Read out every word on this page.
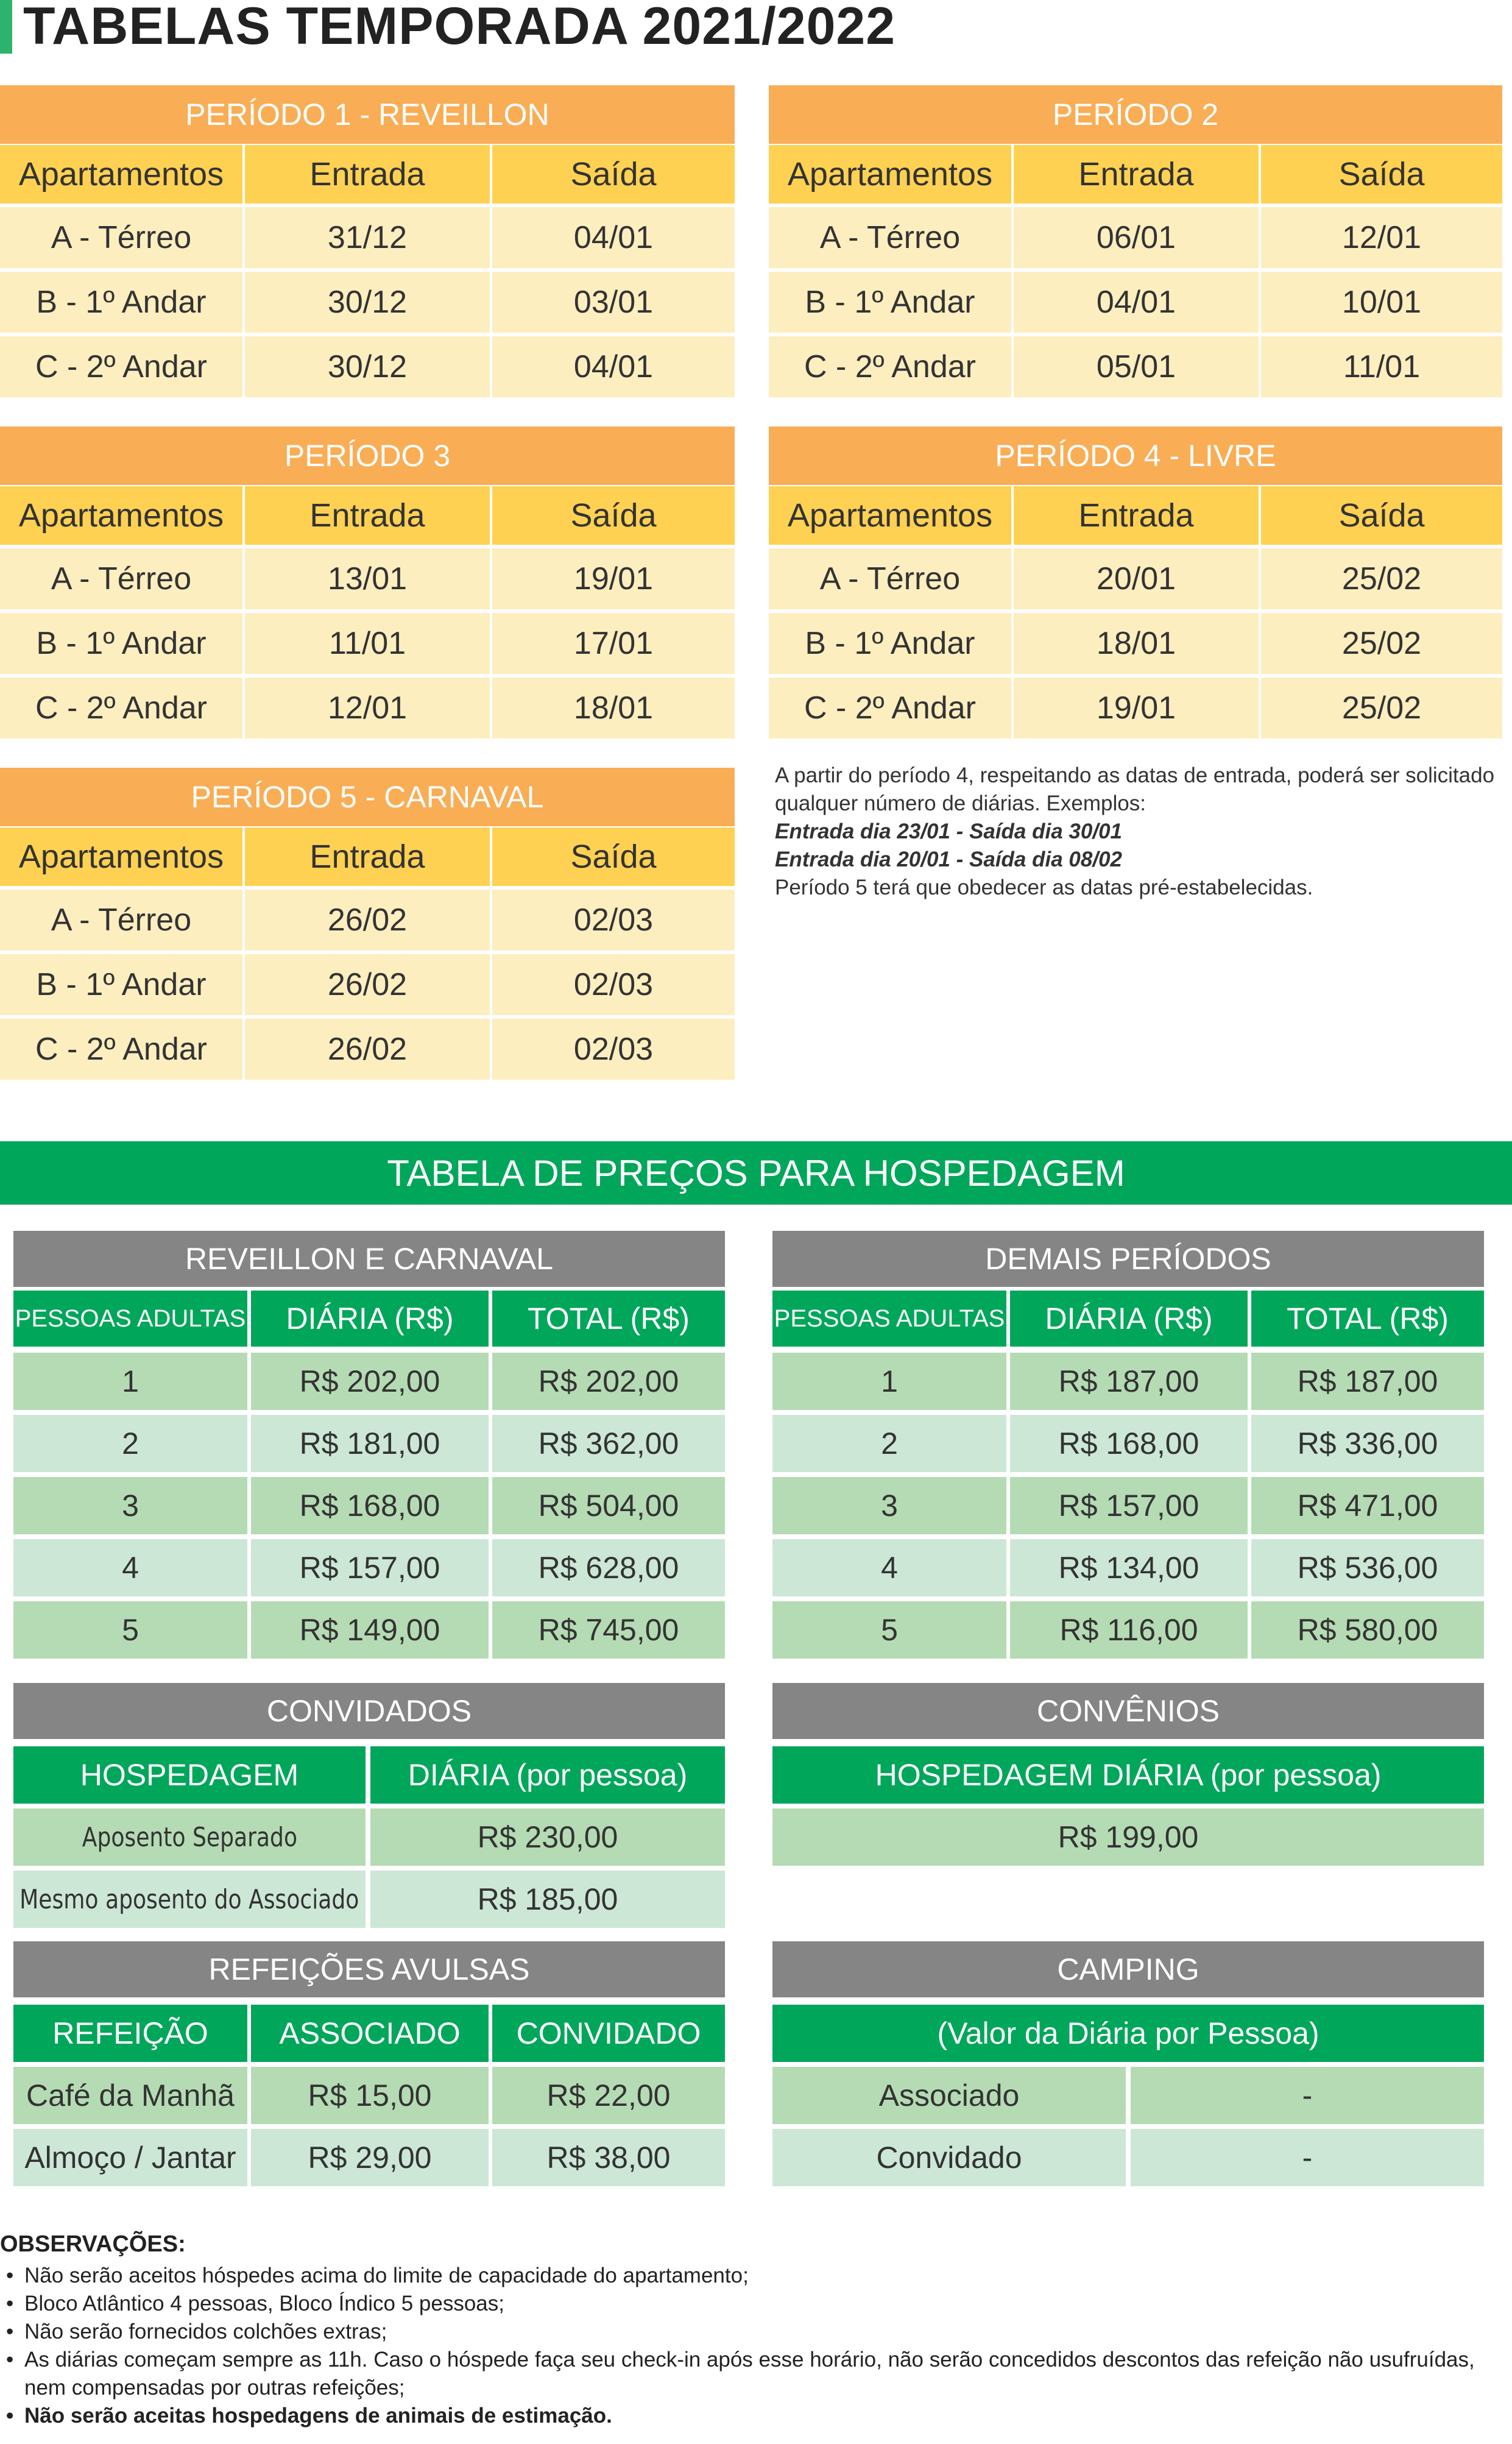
TABELAS TEMPORADA 2021/2022
PERÍODO 1 - REVEILLON
Apartamentos	Entrada	Saída
A - Térreo	31/12	04/01
B - 1º Andar	30/12	03/01
C - 2º Andar	30/12	04/01
PERÍODO 2
Apartamentos	Entrada	Saída
A - Térreo	06/01	12/01
B - 1º Andar	04/01	10/01
C - 2º Andar	05/01	11/01
PERÍODO 3
Apartamentos	Entrada	Saída
A - Térreo	13/01	19/01
B - 1º Andar	11/01	17/01
C - 2º Andar	12/01	18/01
PERÍODO 4 - LIVRE
Apartamentos	Entrada	Saída
A - Térreo	20/01	25/02
B - 1º Andar	18/01	25/02
C - 2º Andar	19/01	25/02
PERÍODO 5 - CARNAVAL
Apartamentos	Entrada	Saída
A - Térreo	26/02	02/03
B - 1º Andar	26/02	02/03
C - 2º Andar	26/02	02/03
A partir do período 4, respeitando as datas de entrada, poderá ser solicitado
qualquer número de diárias. Exemplos:
Entrada dia 23/01 - Saída dia 30/01
Entrada dia 20/01 - Saída dia 08/02
Período 5 terá que obedecer as datas pré-estabelecidas.
TABELA DE PREÇOS PARA HOSPEDAGEM
REVEILLON E CARNAVAL
PESSOAS ADULTAS	DIÁRIA (R$)	TOTAL (R$)
1	R$ 202,00	R$ 202,00
2	R$ 181,00	R$ 362,00
3	R$ 168,00	R$ 504,00
4	R$ 157,00	R$ 628,00
5	R$ 149,00	R$ 745,00
DEMAIS PERÍODOS
PESSOAS ADULTAS	DIÁRIA (R$)	TOTAL (R$)
1	R$ 187,00	R$ 187,00
2	R$ 168,00	R$ 336,00
3	R$ 157,00	R$ 471,00
4	R$ 134,00	R$ 536,00
5	R$ 116,00	R$ 580,00
CONVIDADOS
HOSPEDAGEM	DIÁRIA (por pessoa)
Aposento Separado	R$ 230,00
Mesmo aposento do Associado	R$ 185,00
CONVÊNIOS
HOSPEDAGEM DIÁRIA (por pessoa)
R$ 199,00
REFEIÇÕES AVULSAS
REFEIÇÃO	ASSOCIADO	CONVIDADO
Café da Manhã	R$ 15,00	R$ 22,00
Almoço / Jantar	R$ 29,00	R$ 38,00
CAMPING
(Valor da Diária por Pessoa)
Associado	-
Convidado	-
OBSERVAÇÕES:
• Não serão aceitos hóspedes acima do limite de capacidade do apartamento;
• Bloco Atlântico 4 pessoas, Bloco Índico 5 pessoas;
• Não serão fornecidos colchões extras;
• As diárias começam sempre as 11h. Caso o hóspede faça seu check-in após esse horário, não serão concedidos descontos das refeição não usufruídas, nem compensadas por outras refeições;
• Não serão aceitas hospedagens de animais de estimação.
